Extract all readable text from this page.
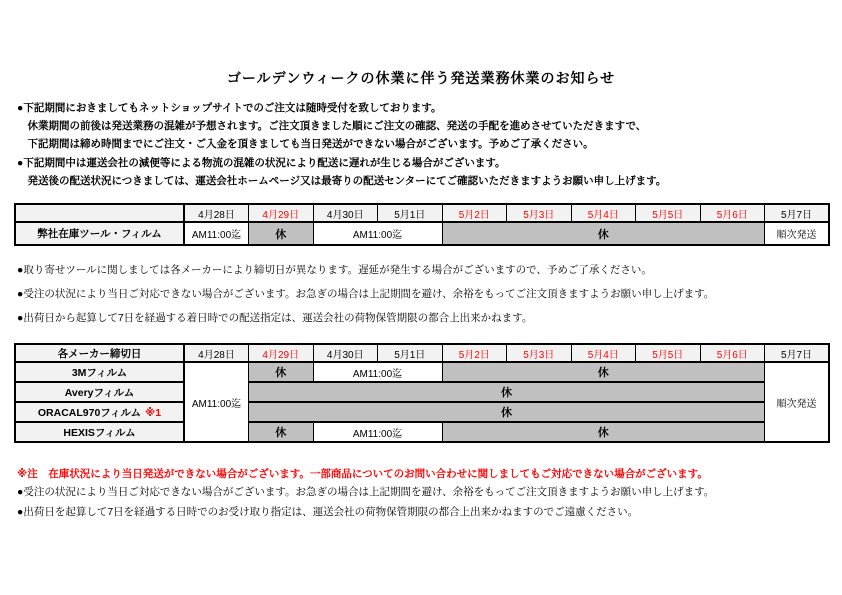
ゴールデンウィークの休業に伴う発送業務休業のお知らせ
●下記期間におきましてもネットショップサイトでのご注文は随時受付を致しております。
　休業期間の前後は発送業務の混雑が予想されます。ご注文頂きました順にご注文の確認、発送の手配を進めさせていただきますで、
　下記期間は締め時間までにご注文・ご入金を頂きましても当日発送ができない場合がございます。予めご了承ください。
●下記期間中は運送会社の減便等による物流の混雑の状況により配送に遅れが生じる場合がございます。
　発送後の配送状況につきましては、運送会社ホームページ又は最寄りの配送センターにてご確認いただきますようお願い申し上げます。
	4月28日	4月29日	4月30日	5月1日	5月2日	5月3日	5月4日	5月5日	5月6日	5月7日
弊社在庫ツール・フィルム	AM11:00迄	休	AM11:00迄		休					順次発送
●取り寄せツールに関しましては各メーカーにより締切日が異なります。遅延が発生する場合がございますので、予めご了承ください。
●受注の状況により当日ご対応できない場合がございます。お急ぎの場合は上記期間を避け、余裕をもってご注文頂きますようお願い申し上げます。
●出荷日から起算して7日を経過する着日時での配送指定は、運送会社の荷物保管期限の都合上出来かねます。
各メーカー締切日	4月28日	4月29日	4月30日	5月1日	5月2日	5月3日	5月4日	5月5日	5月6日	5月7日
3Mフィルム	AM11:00迄	休	AM11:00迄		休					順次発送
Averyフィルム		休								
ORACAL970フィルム ※1		休								
HEXISフィルム		休	AM11:00迄		休					
※注　在庫状況により当日発送ができない場合がございます。一部商品についてのお問い合わせに関しましてもご対応できない場合がございます。
●受注の状況により当日ご対応できない場合がございます。お急ぎの場合は上記期間を避け、余裕をもってご注文頂きますようお願い申し上げます。
●出荷日を起算して7日を経過する日時でのお受け取り指定は、運送会社の荷物保管期限の都合上出来かねますのでご遠慮ください。
